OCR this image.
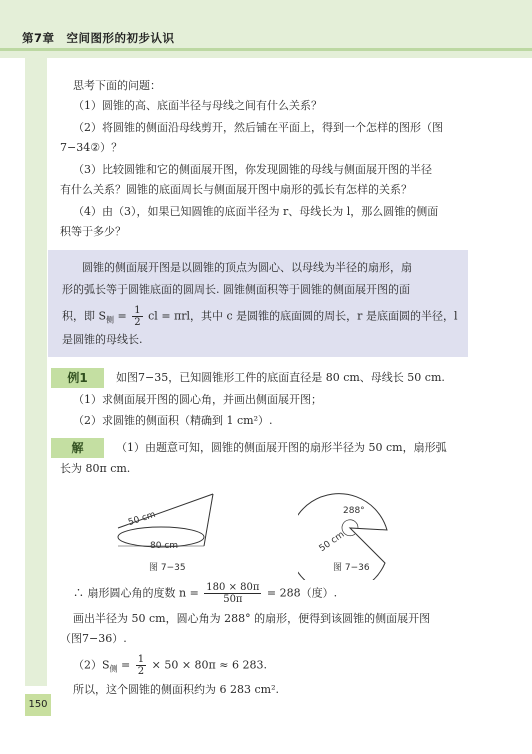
第7章　空间图形的初步认识
思考下面的问题：
（1）圆锥的高、底面半径与母线之间有什么关系？
（2）将圆锥的侧面沿母线剪开，然后铺在平面上，得到一个怎样的图形（图
7−34②）？
（3）比较圆锥和它的侧面展开图，你发现圆锥的母线与侧面展开图的半径
有什么关系？圆锥的底面周长与侧面展开图中扇形的弧长有怎样的关系？
（4）由（3），如果已知圆锥的底面半径为 r、母线长为 l，那么圆锥的侧面
积等于多少？
圆锥的侧面展开图是以圆锥的顶点为圆心、以母线为半径的扇形，扇
形的弧长等于圆锥底面的圆周长. 圆锥侧面积等于圆锥的侧面展开图的面
积，即 $S_侧 = \frac{1}{2}$ cl = πrl，其中 c 是圆锥的底面圆的周长，r 是底面圆的半径，l
是圆锥的母线长.
例1	如图7−35，已知圆锥形工件的底面直径是 80 cm、母线长 50 cm.
（1）求侧面展开图的圆心角，并画出侧面展开图；
（2）求圆锥的侧面积（精确到 1 cm²）.
解	（1）由题意可知，圆锥的侧面展开图的扇形半径为 50 cm，扇形弧
长为 80π cm.
50 cm
80 cm
图 7−35
288°
50 cm
图 7−36
∴ 扇形圆心角的度数 $n = \frac{180 \times 80\pi}{50\pi} = 288$（度）.
画出半径为 50 cm，圆心角为 288° 的扇形，便得到该圆锥的侧面展开图
（图7−36）.
$(2)S_侧 = \frac{1}{2} \times 50 \times 80\pi \approx 6$ 283.
所以，这个圆锥的侧面积约为 6 283 cm².
150
